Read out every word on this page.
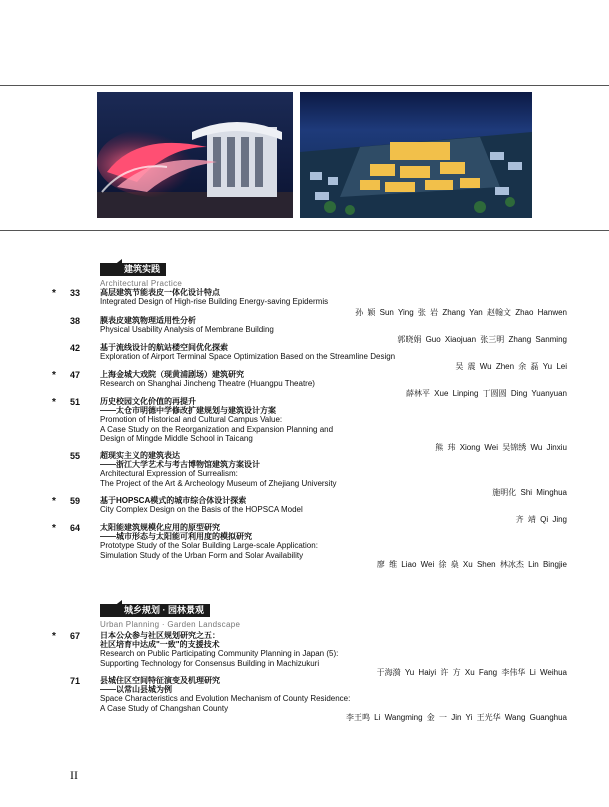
建筑实践
Architectural Practice
*	33	高层建筑节能表皮一体化设计特点
Integrated Design of High-rise Building Energy-saving Epidermis
孙 颖 Sun Ying 张 岩 Zhang Yan 赵翰文 Zhao Hanwen
38	膜表皮建筑物理适用性分析
Physical Usability Analysis of Membrane Building
郭晓娟 Guo Xiaojuan 张三明 Zhang Sanming
42	基于流线设计的航站楼空间优化探索
Exploration of Airport Terminal Space Optimization Based on the Streamline Design
吴 震 Wu Zhen 余 磊 Yu Lei
*	47	上海金城大戏院（现黄浦剧场）建筑研究
Research on Shanghai Jincheng Theatre (Huangpu Theatre)
薛林平 Xue Linping 丁圆圆 Ding Yuanyuan
*	51	历史校园文化价值的再提升
——太仓市明德中学修改扩建规划与建筑设计方案
Promotion of Historical and Cultural Campus Value:
A Case Study on the Reorganization and Expansion Planning and
Design of Mingde Middle School in Taicang
熊 玮 Xiong Wei 吴锦绣 Wu Jinxiu
55	超现实主义的建筑表达
——浙江大学艺术与考古博物馆建筑方案设计
Architectural Expression of Surrealism:
The Project of the Art & Archeology Museum of Zhejiang University
施明化 Shi Minghua
*	59	基于HOPSCA模式的城市综合体设计探索
City Complex Design on the Basis of the HOPSCA Model
齐 靖 Qi Jing
*	64	太阳能建筑规模化应用的原型研究
——城市形态与太阳能可利用度的模拟研究
Prototype Study of the Solar Building Large-scale Application:
Simulation Study of the Urban Form and Solar Availability
廖 维 Liao Wei 徐 燊 Xu Shen 林冰杰 Lin Bingjie
城乡规划 · 园林景观
Urban Planning · Garden Landscape
*	67	日本公众参与社区规划研究之五：
社区培育中达成"一致"的支援技术
Research on Public Participating Community Planning in Japan (5):
Supporting Technology for Consensus Building in Machizukuri
于海漪 Yu Haiyi 许 方 Xu Fang 李伟华 Li Weihua
71	县城住区空间特征演变及机理研究
——以常山县城为例
Space Characteristics and Evolution Mechanism of County Residence:
A Case Study of Changshan County
李王鸣 Li Wangming 金 一 Jin Yi 王光华 Wang Guanghua
II
